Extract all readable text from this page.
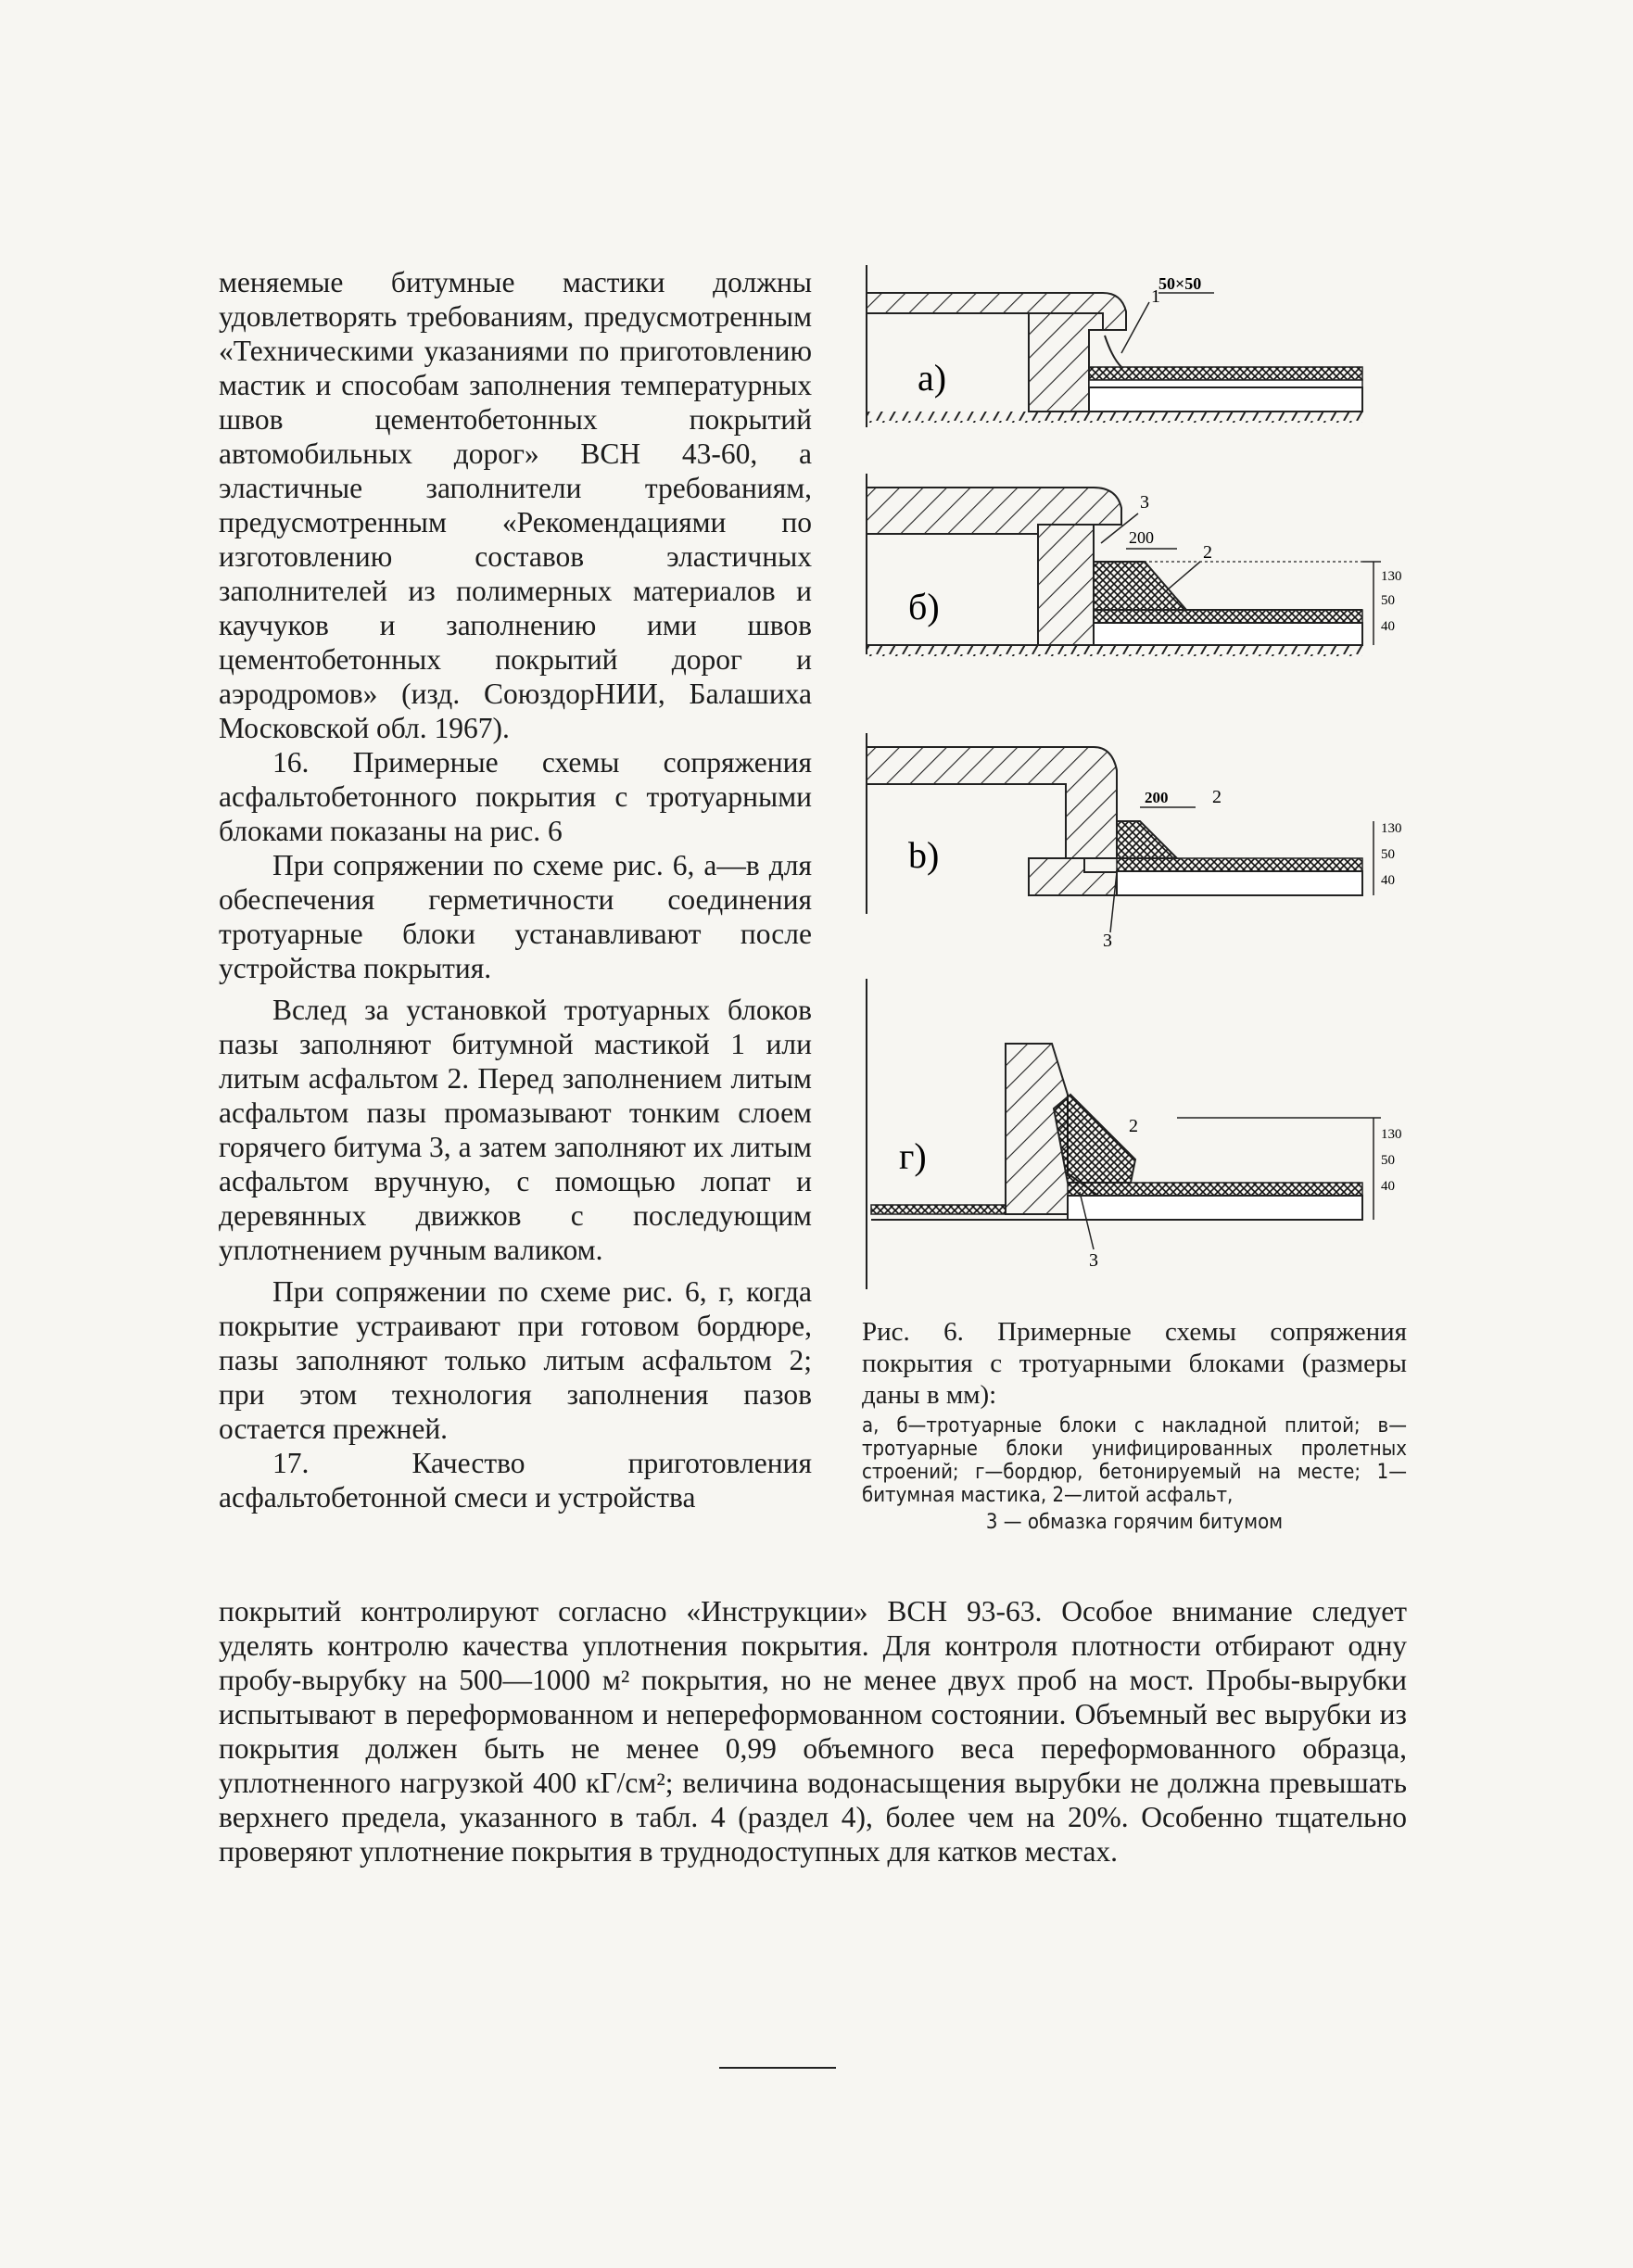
меняемые битумные мастики должны удовлетворять требованиям, предусмотренным «Техническими указаниями по приготовлению мастик и способам заполнения температурных швов цементобетонных покрытий автомобильных дорог» ВСН 43-60, а эластичные заполнители требованиям, предусмотренным «Рекомендациями по изготовлению составов эластичных заполнителей из полимерных материалов и каучуков и заполнению ими швов цементобетонных покрытий дорог и аэродромов» (изд. СоюздорНИИ, Балашиха Московской обл. 1967).

16. Примерные схемы сопряжения асфальтобетонного покрытия с тротуарными блоками показаны на рис. 6

При сопряжении по схеме рис. 6, а—в для обеспечения герметичности соединения тротуарные блоки устанавливают после устройства покрытия.

Вслед за установкой тротуарных блоков пазы заполняют битумной мастикой 1 или литым асфальтом 2. Перед заполнением литым асфальтом пазы промазывают тонким слоем горячего битума 3, а затем заполняют их литым асфальтом вручную, с помощью лопат и деревянных движков с последующим уплотнением ручным валиком.

При сопряжении по схеме рис. 6, г, когда покрытие устраивают при готовом бордюре, пазы заполняют только литым асфальтом 2; при этом технология заполнения пазов остается прежней.

17. Качество приготовления асфальтобетонной смеси и устройства

a)
1
50×50
200
3
2
130
50
40
б)
200 2
3
130
50
40
b)
2
3
130
50
40
г)
Рис. 6. Примерные схемы сопряжения покрытия с тротуарными блоками (размеры даны в мм):
а, б—тротуарные блоки с накладной плитой; в—тротуарные блоки унифицированных пролетных строений; г—бордюр, бетонируемый на месте; 1—битумная мастика, 2—литой асфальт,
3 — обмазка горячим битумом
покрытий контролируют согласно «Инструкции» ВСН 93-63. Особое внимание следует уделять контролю качества уплотнения покрытия. Для контроля плотности отбирают одну пробу-вырубку на 500—1000 м² покрытия, но не менее двух проб на мост. Пробы-вырубки испытывают в переформованном и непереформованном состоянии. Объемный вес вырубки из покрытия должен быть не менее 0,99 объемного веса переформованного образца, уплотненного нагрузкой 400 кГ/см²; величина водонасыщения вырубки не должна превышать верхнего предела, указанного в табл. 4 (раздел 4), более чем на 20%. Особенно тщательно проверяют уплотнение покрытия в труднодоступных для катков местах.
